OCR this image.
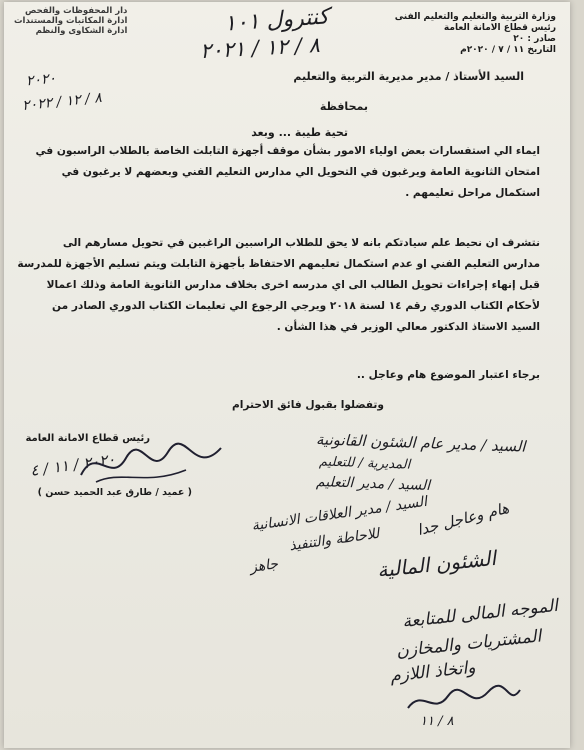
وزارة التربية والتعليم والتعليم الفنى
رئيس قطاع الامانة العامة
صادر : ٢٠
التاريخ ١١ / ٧ / ٢٠٢٠م
دار المحفوظات والفحص
ادارة المكاتبات والمستندات
ادارة الشكاوى والنظم	كنترول ١٠١
٨ / ١٢ / ٢٠٢١
٢٠٢٠
٨ / ١٢ / ٢٠٢٢
السيد الأستاذ / مدير مديرية التربية والتعليم
بمحافظة
تحية طيبة ... وبعد
ايماء الي استفسارات بعض اولياء الامور بشأن موقف أجهزة التابلت الخاصة بالطلاب الراسبون في
امتحان الثانوية العامة ويرغبون في التحويل الي مدارس التعليم الفني وبعضهم لا يرغبون في
استكمال مراحل تعليمهم .
نتشرف ان نحيط علم سيادتكم بانه لا يحق للطلاب الراسبين الراغبين في تحويل مسارهم الى
مدارس التعليم الفني او عدم استكمال تعليمهم الاحتفاظ بأجهزة التابلت ويتم تسليم الأجهزة للمدرسة
قبل إنهاء إجراءات تحويل الطالب الى اي مدرسه اخرى بخلاف مدارس الثانوية العامة وذلك اعمالا
لأحكام الكتاب الدوري رقم ١٤ لسنة ٢٠١٨ ويرجي الرجوع الي تعليمات الكتاب الدوري الصادر من
السيد الاستاذ الدكتور معالي الوزير في هذا الشأن .
برجاء اعتبار الموضوع هام وعاجل ..
وتفضلوا بقبول فائق الاحترام
رئيس قطاع الامانة العامة
( عميد / طارق عبد الحميد حسن )
٢٠٢٠ / ١١ / ٤
السيد / مدير عام الشئون القانونية
المديرية / للتعليم
السيد / مدير التعليم
السيد / مدير العلاقات الانسانية
للاحاطة والتنفيذ
جاهز
هام وعاجل جدا
الشئون المالية
الموجه المالى للمتابعة
المشتريات والمخازن
واتخاذ اللازم
٨ / ١١
